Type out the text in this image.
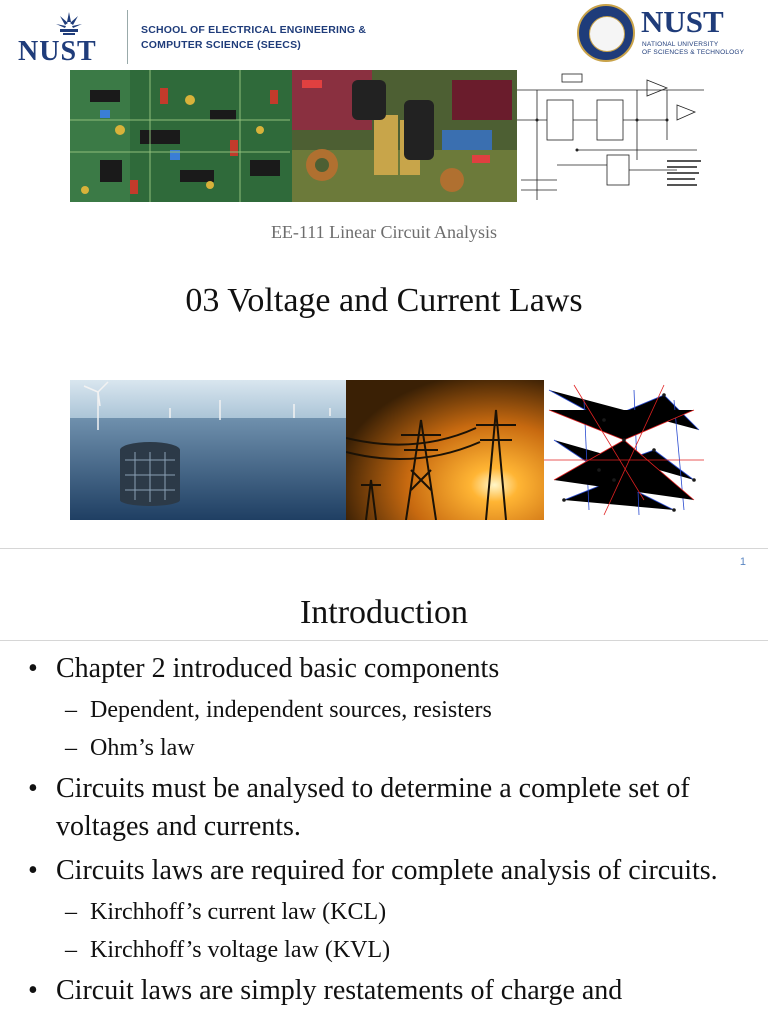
NUST
SCHOOL OF ELECTRICAL ENGINEERING &
COMPUTER SCIENCE (SEECS)
NUST
NATIONAL UNIVERSITY
OF SCIENCES & TECHNOLOGY
EE-111 Linear Circuit Analysis
03 Voltage and Current Laws
1
Introduction
• Chapter 2 introduced basic components
– Dependent, independent sources, resisters
– Ohm’s law
• Circuits must be analysed to determine a complete set of voltages and currents.
• Circuits laws are required for complete analysis of circuits.
– Kirchhoff’s current law (KCL)
– Kirchhoff’s voltage law (KVL)
• Circuit laws are simply restatements of charge and
